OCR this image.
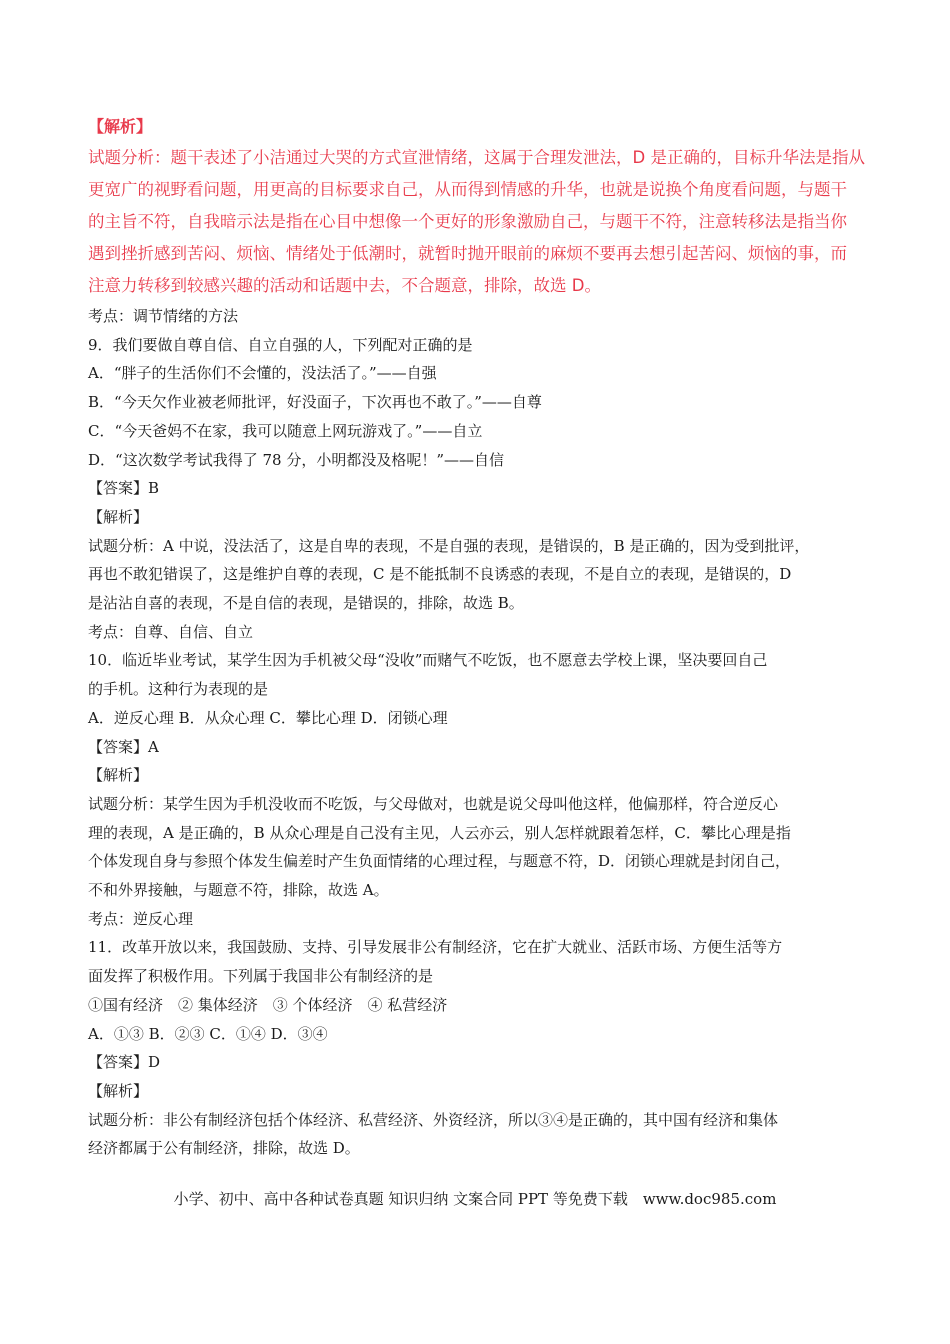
【解析】

试题分析：题干表述了小洁通过大哭的方式宣泄情绪，这属于合理发泄法，D 是正确的，目标升华法是指从

更宽广的视野看问题，用更高的目标要求自己，从而得到情感的升华，也就是说换个角度看问题，与题干

的主旨不符，自我暗示法是指在心目中想像一个更好的形象激励自己，与题干不符，注意转移法是指当你

遇到挫折感到苦闷、烦恼、情绪处于低潮时，就暂时抛开眼前的麻烦不要再去想引起苦闷、烦恼的事，而

注意力转移到较感兴趣的活动和话题中去，不合题意，排除，故选 D。

考点：调节情绪的方法

9．我们要做自尊自信、自立自强的人，下列配对正确的是

A．“胖子的生活你们不会懂的，没法活了。”——自强

B．“今天欠作业被老师批评，好没面子，下次再也不敢了。”——自尊

C．“今天爸妈不在家，我可以随意上网玩游戏了。”——自立

D．“这次数学考试我得了 78 分，小明都没及格呢！”——自信

【答案】B

【解析】

试题分析：A 中说，没法活了，这是自卑的表现，不是自强的表现，是错误的，B 是正确的，因为受到批评，

再也不敢犯错误了，这是维护自尊的表现，C 是不能抵制不良诱惑的表现，不是自立的表现，是错误的，D

是沾沾自喜的表现，不是自信的表现，是错误的，排除，故选 B。

考点：自尊、自信、自立

10．临近毕业考试，某学生因为手机被父母“没收”而赌气不吃饭，也不愿意去学校上课，坚决要回自己

的手机。这种行为表现的是

A．逆反心理 B．从众心理 C．攀比心理 D．闭锁心理

【答案】A

【解析】

试题分析：某学生因为手机没收而不吃饭，与父母做对，也就是说父母叫他这样，他偏那样，符合逆反心

理的表现，A 是正确的，B 从众心理是自己没有主见，人云亦云，别人怎样就跟着怎样，C．攀比心理是指

个体发现自身与参照个体发生偏差时产生负面情绪的心理过程，与题意不符，D．闭锁心理就是封闭自己，

不和外界接触，与题意不符，排除，故选 A。

考点：逆反心理

11．改革开放以来，我国鼓励、支持、引导发展非公有制经济，它在扩大就业、活跃市场、方便生活等方

面发挥了积极作用。下列属于我国非公有制经济的是

①国有经济　② 集体经济　③ 个体经济　④ 私营经济

A．①③ B．②③ C．①④ D．③④

【答案】D

【解析】

试题分析：非公有制经济包括个体经济、私营经济、外资经济，所以③④是正确的，其中国有经济和集体

经济都属于公有制经济，排除，故选 D。

小学、初中、高中各种试卷真题 知识归纳 文案合同 PPT 等免费下载　www.doc985.com
